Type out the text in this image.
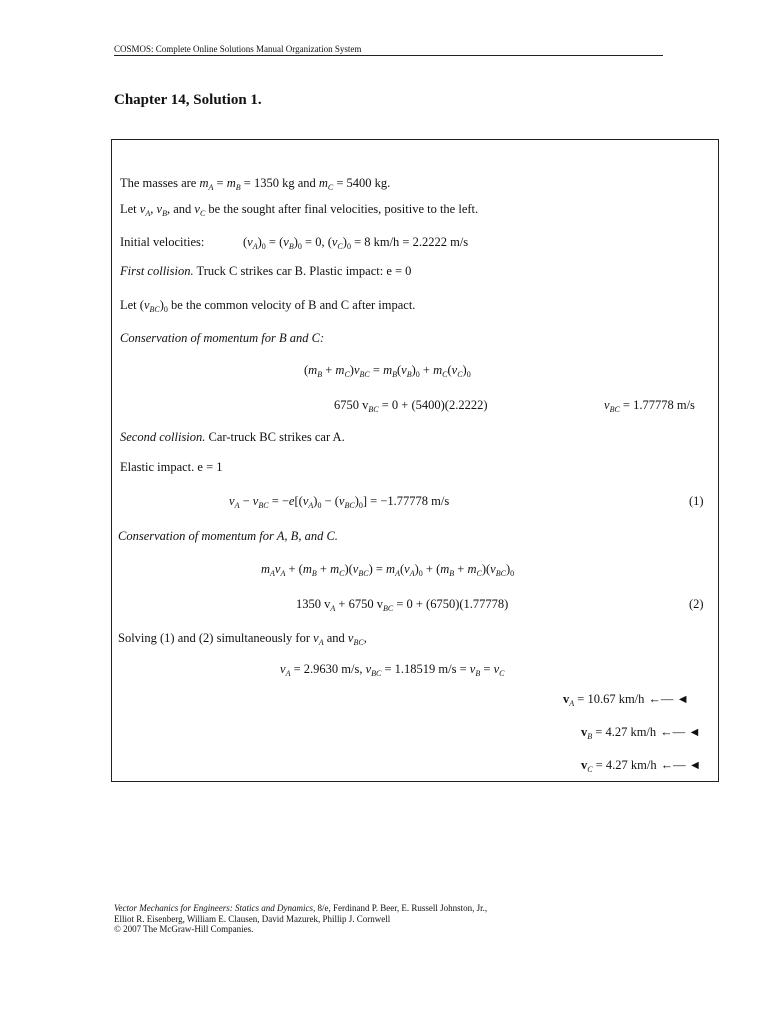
COSMOS: Complete Online Solutions Manual Organization System
Chapter 14, Solution 1.
The masses are $m_A = m_B = 1350$ kg and $m_C = 5400$ kg.
Let $v_A$, $v_B$, and $v_C$ be the sought after final velocities, positive to the left.
Initial velocities:	$(v_A)_0 = (v_B)_0 = 0$, $(v_C)_0 = 8$ km/h = 2.2222 m/s
First collision. Truck C strikes car B. Plastic impact: e = 0
Let $(v_{BC})_0$ be the common velocity of B and C after impact.
Conservation of momentum for B and C:
$(m_B + m_C)v_{BC} = m_B(v_B)_0 + m_C(v_C)_0$
6750 $v_{BC} = 0 + (5400)(2.2222)$	$v_{BC} = 1.77778$ m/s
Second collision. Car-truck BC strikes car A.
Elastic impact. e = 1
$v_A - v_{BC} = -e[(v_A)_0 - (v_{BC})_0] = -1.77778$ m/s	(1)
Conservation of momentum for A, B, and C.
$m_Av_A + (m_B + m_C)(v_{BC}) = m_A(v_A)_0 + (m_B + m_C)(v_{BC})_0$
1350 $v_A + 6750$ $v_{BC} = 0 + (6750)(1.77778)$	(2)
Solving (1) and (2) simultaneously for $v_A$ and $v_{BC}$,
$v_A = 2.9630$ m/s, $v_{BC} = 1.18519$ $m/s = v_B = v_C$
$v_A = 10.67$ km/h ←— ◄
$v_B = 4.27$ km/h ←— ◄
$v_C = 4.27$ km/h ←— ◄
Vector Mechanics for Engineers: Statics and Dynamics, 8/e, Ferdinand P. Beer, E. Russell Johnston, Jr.,
Elliot R. Eisenberg, William E. Clausen, David Mazurek, Phillip J. Cornwell
© 2007 The McGraw-Hill Companies.
